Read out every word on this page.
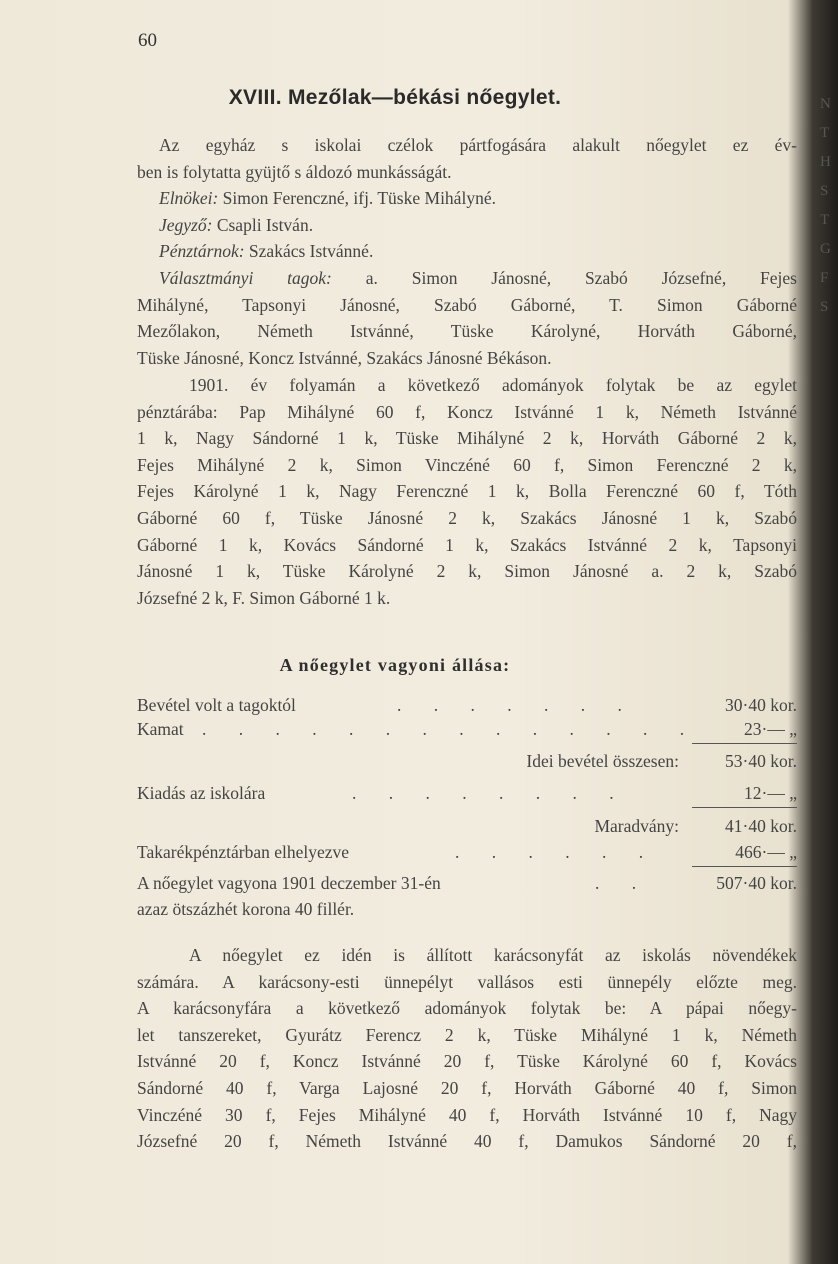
60
XVIII. Mezőlak—békási nőegylet.
Az egyház s iskolai czélok pártfogására alakult nőegylet ez év-
ben is folytatta gyüjtő s áldozó munkásságát.
Elnökei: Simon Ferenczné, ifj. Tüske Mihályné.
Jegyző: Csapli István.
Pénztárnok: Szakács Istvánné.
Választmányi tagok: a. Simon Jánosné, Szabó Józsefné, Fejes
Mihályné, Tapsonyi Jánosné, Szabó Gáborné, T. Simon Gáborné
Mezőlakon, Németh Istvánné, Tüske Károlyné, Horváth Gáborné,
Tüske Jánosné, Koncz Istvánné, Szakács Jánosné Békáson.
1901. év folyamán a következő adományok folytak be az egylet
pénztárába: Pap Mihályné 60 f, Koncz Istvánné 1 k, Németh Istvánné
1 k, Nagy Sándorné 1 k, Tüske Mihályné 2 k, Horváth Gáborné 2 k,
Fejes Mihályné 2 k, Simon Vinczéné 60 f, Simon Ferenczné 2 k,
Fejes Károlyné 1 k, Nagy Ferenczné 1 k, Bolla Ferenczné 60 f, Tóth
Gáborné 60 f, Tüske Jánosné 2 k, Szakács Jánosné 1 k, Szabó
Gáborné 1 k, Kovács Sándorné 1 k, Szakács Istvánné 2 k, Tapsonyi
Jánosné 1 k, Tüske Károlyné 2 k, Simon Jánosné a. 2 k, Szabó
Józsefné 2 k, F. Simon Gáborné 1 k.
A nőegylet vagyoni állása:
Bevétel volt a tagoktól	. . . . . . .	30·40 kor.
Kamat . . . . . . . . . . . . . .	23·— „
Idei bevétel összesen:	53·40 kor.
Kiadás az iskolára	. . . . . . . .	12·— „
Maradvány:	41·40 kor.
Takarékpénztárban elhelyezve	. . . . . .	466·— „
A nőegylet vagyona 1901 deczember 31-én	. .	507·40 kor.
azaz ötszázhét korona 40 fillér.
A nőegylet ez idén is állított karácsonyfát az iskolás növendékek
számára. A karácsony-esti ünnepélyt vallásos esti ünnepély előzte meg.
A karácsonyfára a következő adományok folytak be: A pápai nőegy-
let tanszereket, Gyurátz Ferencz 2 k, Tüske Mihályné 1 k, Németh
Istvánné 20 f, Koncz Istvánné 20 f, Tüske Károlyné 60 f, Kovács
Sándorné 40 f, Varga Lajosné 20 f, Horváth Gáborné 40 f, Simon
Vinczéné 30 f, Fejes Mihályné 40 f, Horváth Istvánné 10 f, Nagy
Józsefné 20 f, Németh Istvánné 40 f, Damukos Sándorné 20 f,
N
T
H
S
T
G
F
S
